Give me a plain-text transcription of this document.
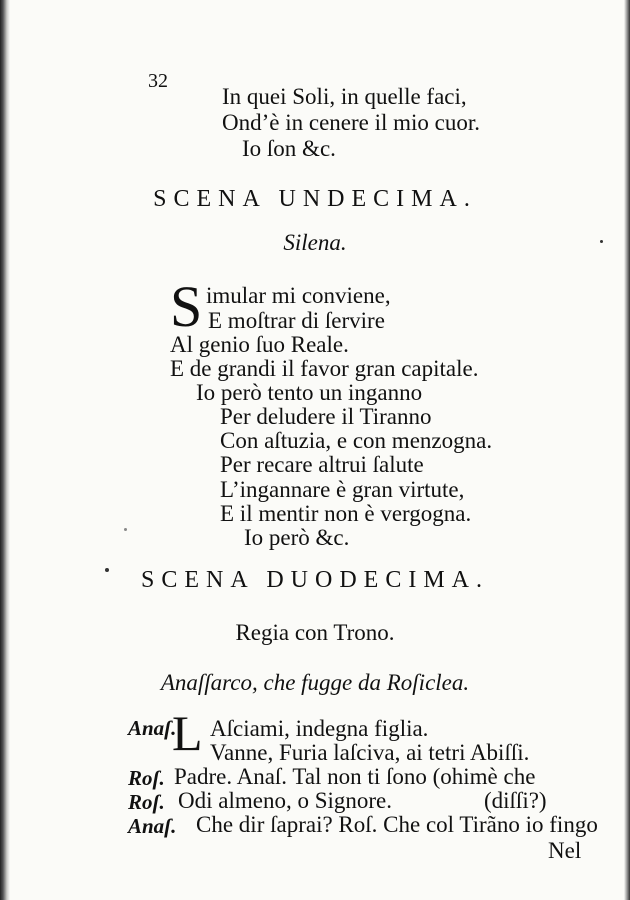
32
In quei Soli, in quelle faci,
Ond’è in cenere il mio cuor.
Io ſon &c.
SCENA UNDECIMA.
Silena.
S imular mi conviene,
E moſtrar di ſervire
Al genio ſuo Reale.
E de grandi il favor gran capitale.
Io però tento un inganno
Per deludere il Tiranno
Con aſtuzia, e con menzogna.
Per recare altrui ſalute
L’ingannare è gran virtute,
E il mentir non è vergogna.
Io però &c.
SCENA DUODECIMA.
Regia con Trono.
Anaſſarco, che fugge da Roſiclea.
Anaſ.
L Aſciami, indegna figlia.
Vanne, Furia laſciva, ai tetri Abiſſi.
Roſ. Padre. Anaſ. Tal non ti ſono (ohimè che
Roſ. Odi almeno, o Signore.                (diſſi?)
Anaſ. Che dir ſaprai? Roſ. Che col Tirãno io fingo
Nel
